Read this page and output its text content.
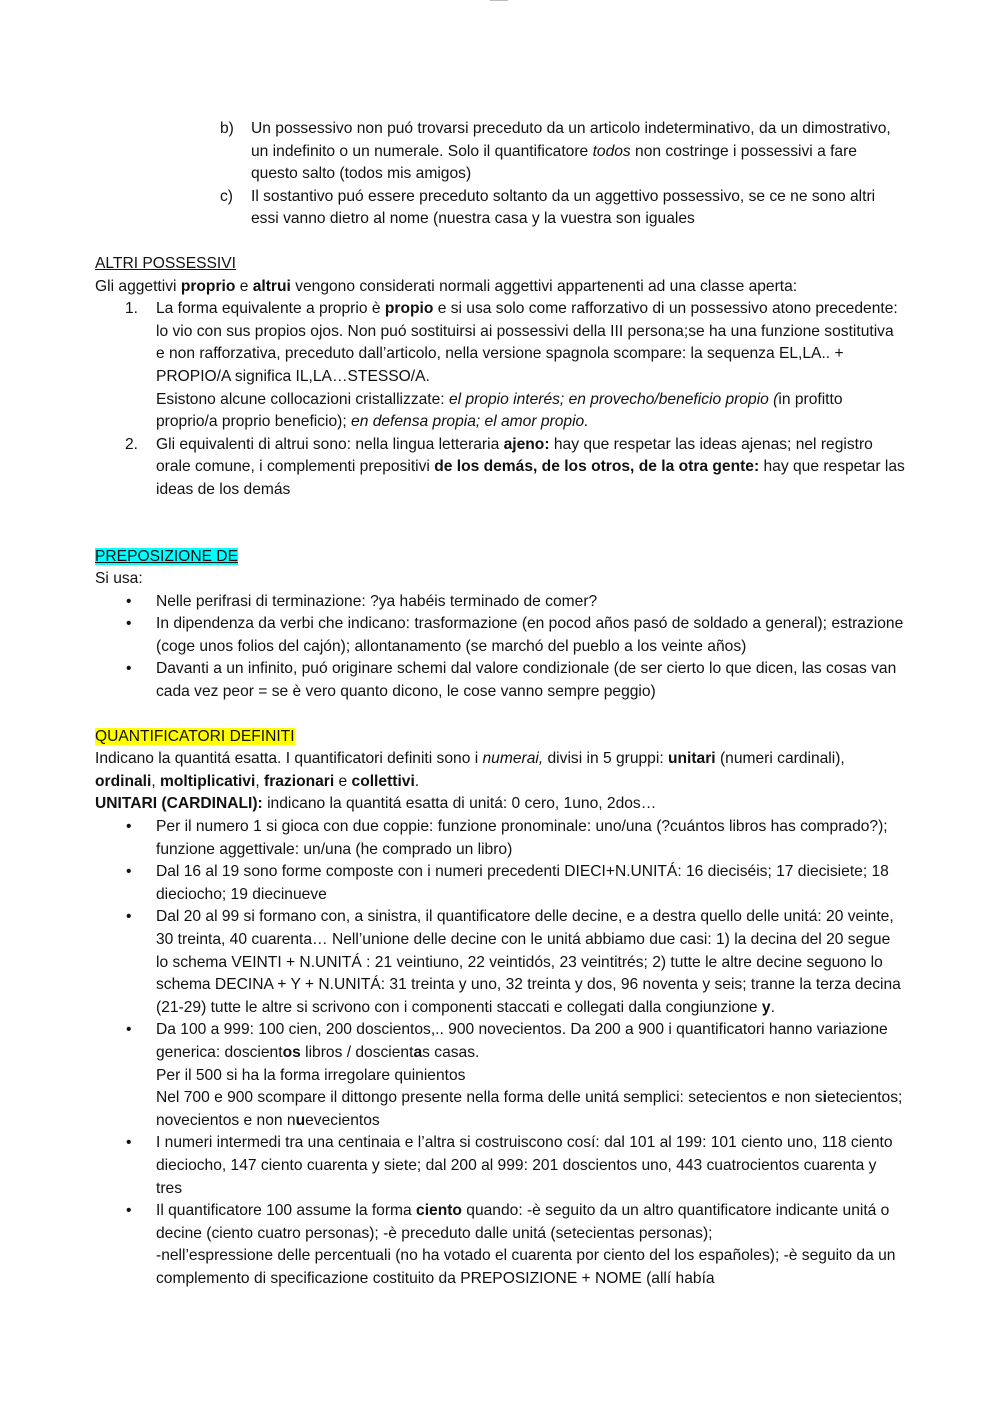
b) Un possessivo non puó trovarsi preceduto da un articolo indeterminativo, da un dimostrativo, un indefinito o un numerale. Solo il quantificatore todos non costringe i possessivi a fare questo salto (todos mis amigos)

c) Il sostantivo puó essere preceduto soltanto da un aggettivo possessivo, se ce ne sono altri essi vanno dietro al nome (nuestra casa y la vuestra son iguales

ALTRI POSSESSIVI

Gli aggettivi proprio e altrui vengono considerati normali aggettivi appartenenti ad una classe aperta:

1. La forma equivalente a proprio è propio e si usa solo come rafforzativo di un possessivo atono precedente: lo vio con sus propios ojos. Non puó sostituirsi ai possessivi della III persona;se ha una funzione sostitutiva e non rafforzativa, preceduto dall’articolo, nella versione spagnola scompare: la sequenza EL,LA.. + PROPIO/A significa IL,LA…STESSO/A.

Esistono alcune collocazioni cristallizzate: el propio interés; en provecho/beneficio propio (in profitto proprio/a proprio beneficio); en defensa propia; el amor propio.

2. Gli equivalenti di altrui sono: nella lingua letteraria ajeno: hay que respetar las ideas ajenas; nel registro orale comune, i complementi prepositivi de los demás, de los otros, de la otra gente: hay que respetar las ideas de los demás

PREPOSIZIONE DE

Si usa:

• Nelle perifrasi di terminazione: ?ya habéis terminado de comer?

• In dipendenza da verbi che indicano: trasformazione (en pocod años pasó de soldado a general); estrazione (coge unos folios del cajón); allontanamento (se marchó del pueblo a los veinte años)

• Davanti a un infinito, puó originare schemi dal valore condizionale (de ser cierto lo que dicen, las cosas van cada vez peor = se è vero quanto dicono, le cose vanno sempre peggio)

QUANTIFICATORI DEFINITI

Indicano la quantitá esatta. I quantificatori definiti sono i numerai, divisi in 5 gruppi: unitari (numeri cardinali), ordinali, moltiplicativi, frazionari e collettivi.

UNITARI (CARDINALI): indicano la quantitá esatta di unitá: 0 cero, 1uno, 2dos…

• Per il numero 1 si gioca con due coppie: funzione pronominale: uno/una (?cuántos libros has comprado?); funzione aggettivale: un/una (he comprado un libro)

• Dal 16 al 19 sono forme composte con i numeri precedenti DIECI+N.UNITÁ: 16 dieciséis; 17 diecisiete; 18 dieciocho; 19 diecinueve

• Dal 20 al 99 si formano con, a sinistra, il quantificatore delle decine, e a destra quello delle unitá: 20 veinte, 30 treinta, 40 cuarenta… Nell’unione delle decine con le unitá abbiamo due casi: 1) la decina del 20 segue lo schema VEINTI + N.UNITÁ : 21 veintiuno, 22 veintidós, 23 veintitrés; 2) tutte le altre decine seguono lo schema DECINA + Y + N.UNITÁ: 31 treinta y uno, 32 treinta y dos, 96 noventa y seis; tranne la terza decina (21-29) tutte le altre si scrivono con i componenti staccati e collegati dalla congiunzione y.

• Da 100 a 999: 100 cien, 200 doscientos,.. 900 novecientos. Da 200 a 900 i quantificatori hanno variazione generica: doscientos libros / doscientas casas.

Per il 500 si ha la forma irregolare quinientos

Nel 700 e 900 scompare il dittongo presente nella forma delle unitá semplici: setecientos e non sietecientos; novecientos e non nuevecientos

• I numeri intermedi tra una centinaia e l’altra si costruiscono cosí: dal 101 al 199: 101 ciento uno, 118 ciento dieciocho, 147 ciento cuarenta y siete; dal 200 al 999: 201 doscientos uno, 443 cuatrocientos cuarenta y tres

• Il quantificatore 100 assume la forma ciento quando: -è seguito da un altro quantificatore indicante unitá o decine (ciento cuatro personas); -è preceduto dalle unitá (setecientas personas);

-nell’espressione delle percentuali (no ha votado el cuarenta por ciento del los españoles); -è seguito da un complemento di specificazione costituito da PREPOSIZIONE + NOME (allí había
